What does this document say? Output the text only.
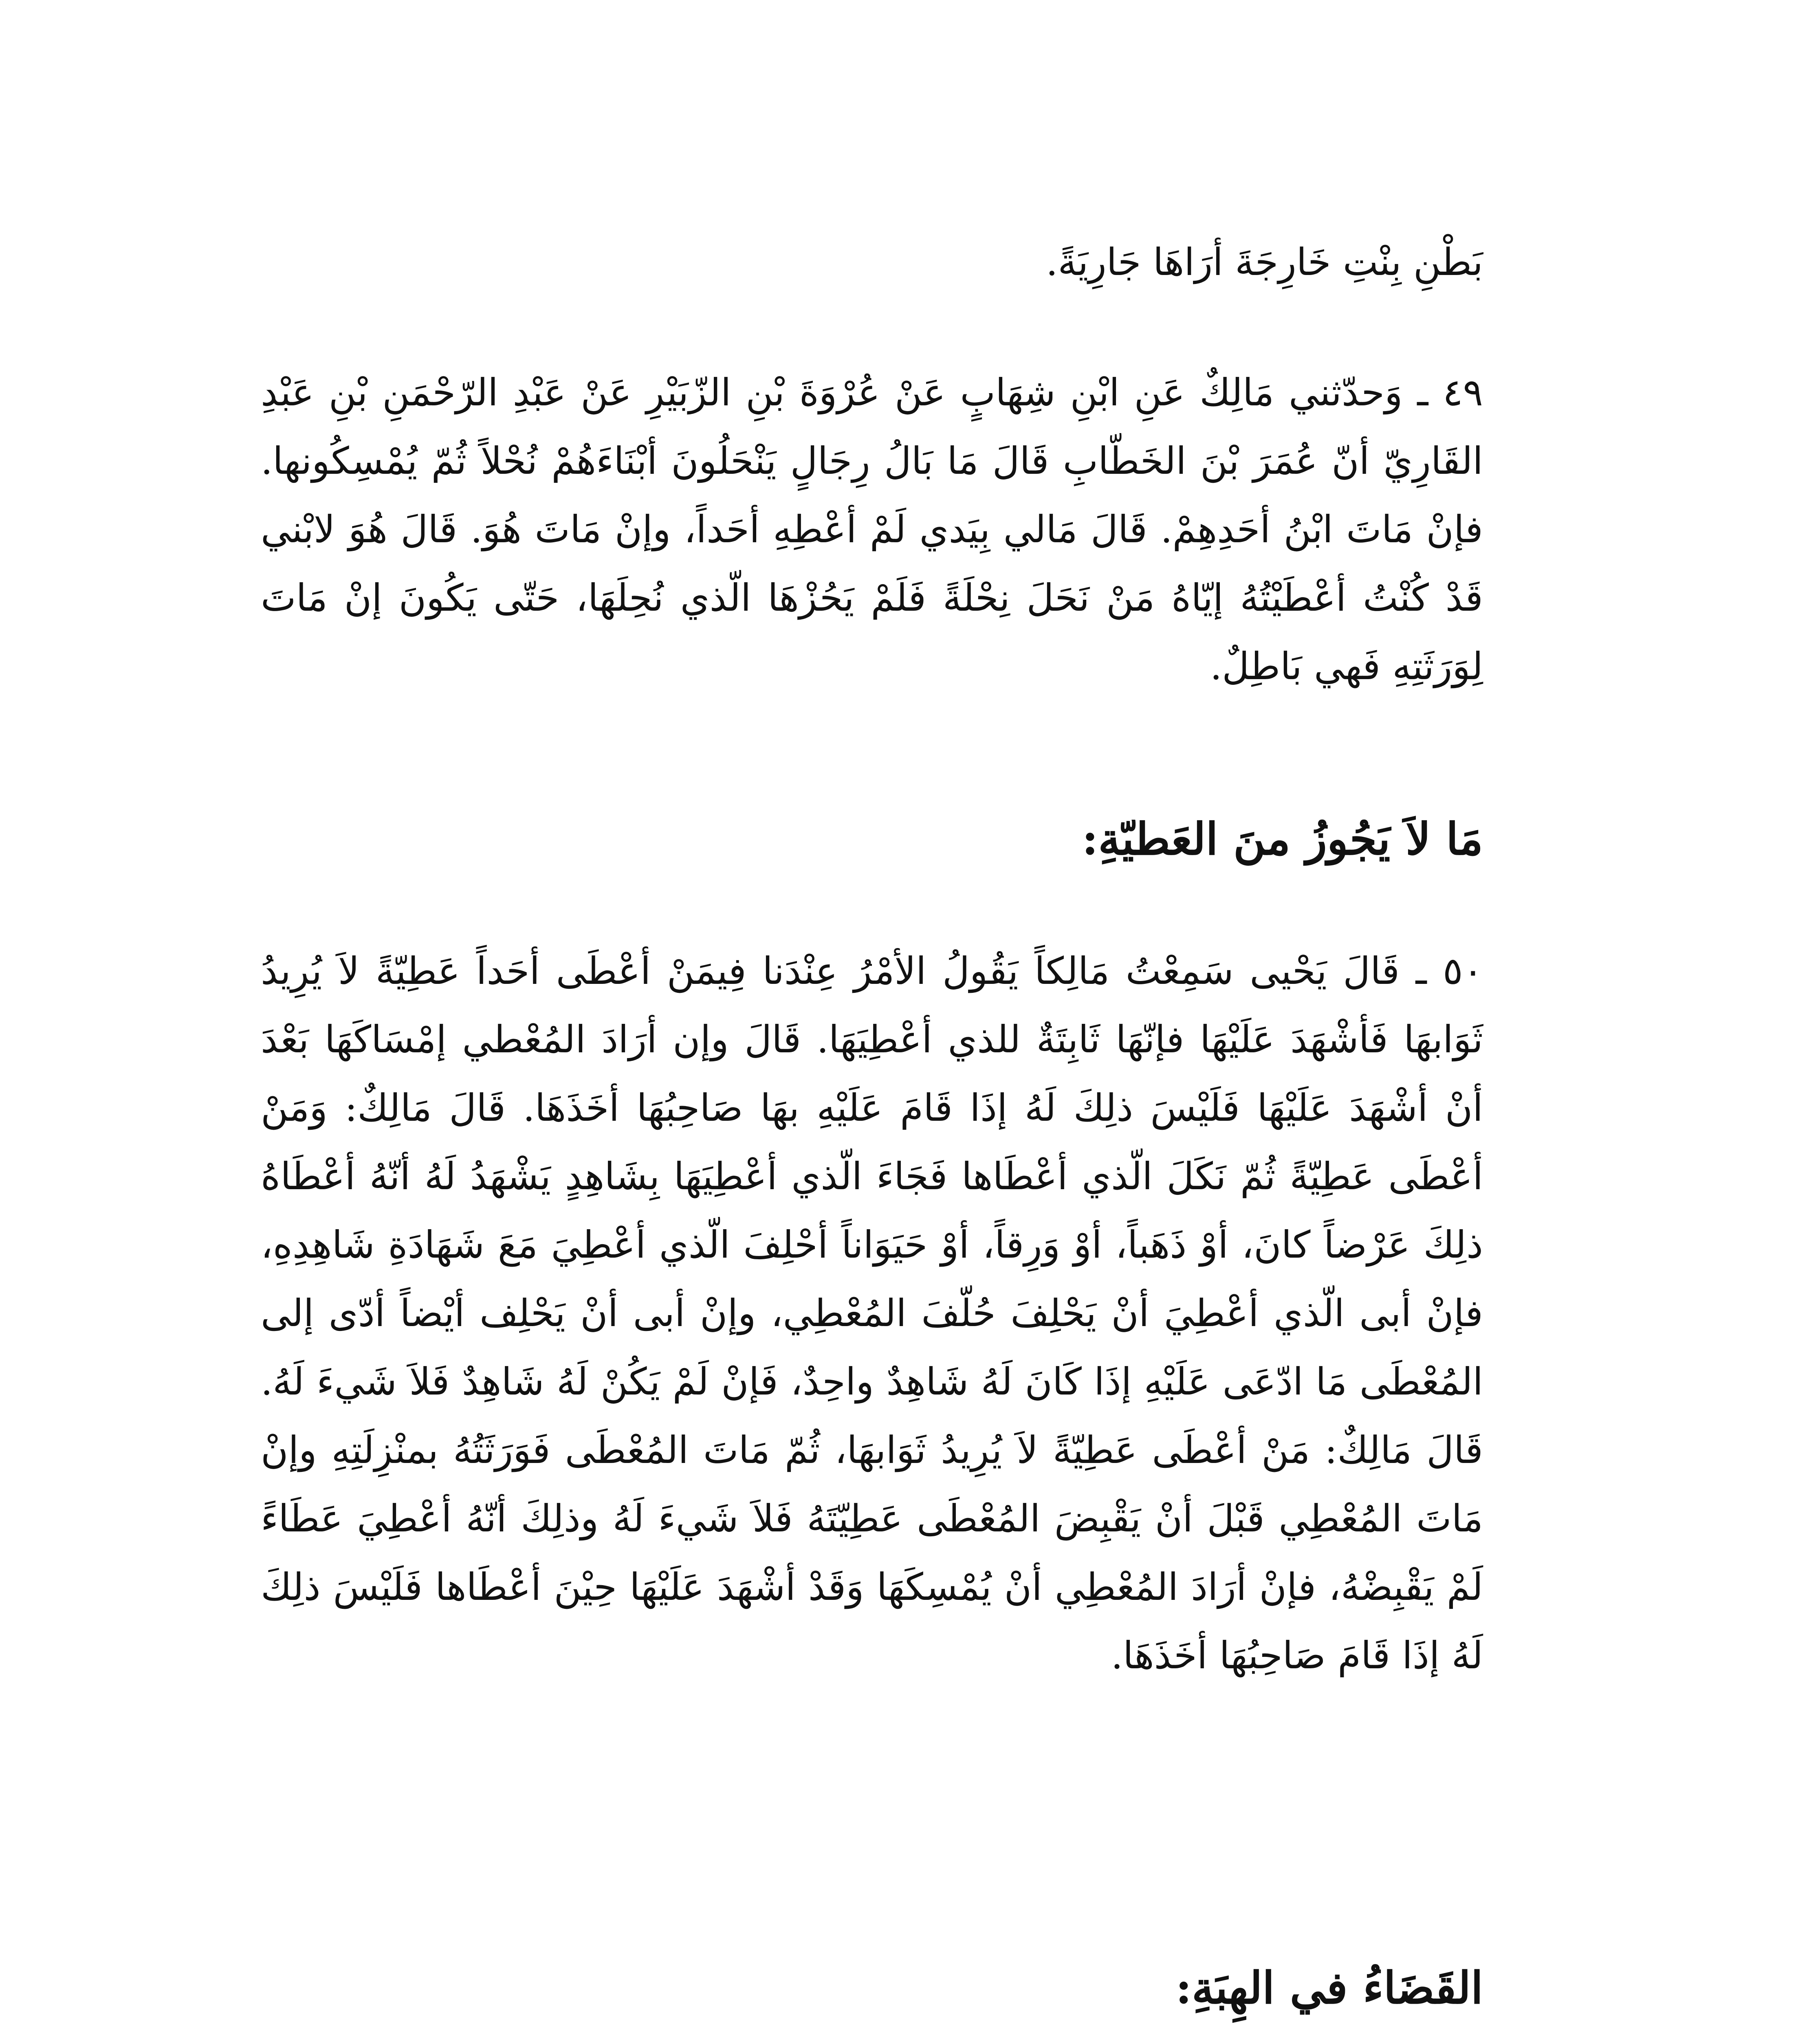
بَطْنِ بِنْتِ خَارِجَةَ أرَاهَا جَارِيَةً.

٤٩ ـ وَحدّثني مَالِكٌ عَنِ ابْنِ شِهَابٍ عَنْ عُرْوَةَ بْنِ الزّبَيْرِ عَنْ عَبْدِ الرّحْمَنِ بْنِ عَبْدِ القَارِيّ أنّ عُمَرَ بْنَ الخَطّابِ قَالَ مَا بَالُ رِجَالٍ يَنْحَلُونَ أبْنَاءَهُمْ نُحْلاً ثُمّ يُمْسِكُونها. فإنْ مَاتَ ابْنُ أحَدِهِمْ. قَالَ مَالي بِيَدي لَمْ أعْطِهِ أحَداً، وإنْ مَاتَ هُوَ. قَالَ هُوَ لابْني قَدْ كُنْتُ أعْطَيْتُهُ إيّاهُ مَنْ نَحَلَ نِحْلَةً فَلَمْ يَحُزْهَا الّذي نُحِلَهَا، حَتّى يَكُونَ إنْ مَاتَ لِوَرَثَتِهِ فَهي بَاطِلٌ.

مَا لاَ يَجُوزُ منَ العَطيّةِ:

٥٠ ـ قَالَ يَحْيى سَمِعْتُ مَالِكاً يَقُولُ الأمْرُ عِنْدَنا فِيمَنْ أعْطَى أحَداً عَطِيّةً لاَ يُرِيدُ ثَوَابهَا فَأشْهَدَ عَلَيْهَا فإنّهَا ثَابِتَةٌ للذي أعْطِيَهَا. قَالَ وإن أرَادَ المُعْطي إمْسَاكَهَا بَعْدَ أنْ أشْهَدَ عَلَيْهَا فَلَيْسَ ذلِكَ لَهُ إذَا قَامَ عَلَيْهِ بهَا صَاحِبُهَا أخَذَهَا. قَالَ مَالِكٌ: وَمَنْ أعْطَى عَطِيّةً ثُمّ نَكَلَ الّذي أعْطَاها فَجَاءَ الّذي أعْطِيَهَا بِشَاهِدٍ يَشْهَدُ لَهُ أنّهُ أعْطَاهُ ذلِكَ عَرْضاً كانَ، أوْ ذَهَباً، أوْ وَرِقاً، أوْ حَيَوَاناً أحْلِفَ الّذي أعْطِيَ مَعَ شَهَادَةِ شَاهِدِهِ، فإنْ أبى الّذي أعْطِيَ أنْ يَحْلِفَ حُلّفَ المُعْطِي، وإنْ أبى أنْ يَحْلِف أيْضاً أدّى إلى المُعْطَى مَا ادّعَى عَلَيْهِ إذَا كَانَ لَهُ شَاهِدٌ واحِدٌ، فَإنْ لَمْ يَكُنْ لَهُ شَاهِدٌ فَلاَ شَيءَ لَهُ. قَالَ مَالِكٌ: مَنْ أعْطَى عَطِيّةً لاَ يُرِيدُ ثَوَابهَا، ثُمّ مَاتَ المُعْطَى فَوَرَثَتُهُ بمنْزِلَتِهِ وإنْ مَاتَ المُعْطِي قَبْلَ أنْ يَقْبِضَ المُعْطَى عَطِيّتَهُ فَلاَ شَيءَ لَهُ وذلِكَ أنّهُ أعْطِيَ عَطَاءً لَمْ يَقْبِضْهُ، فإنْ أرَادَ المُعْطِي أنْ يُمْسِكَهَا وَقَدْ أشْهَدَ عَلَيْهَا حِيْنَ أعْطَاها فَلَيْسَ ذلِكَ لَهُ إذَا قَامَ صَاحِبُهَا أخَذَهَا.

القَضَاءُ في الهِبَةِ:
